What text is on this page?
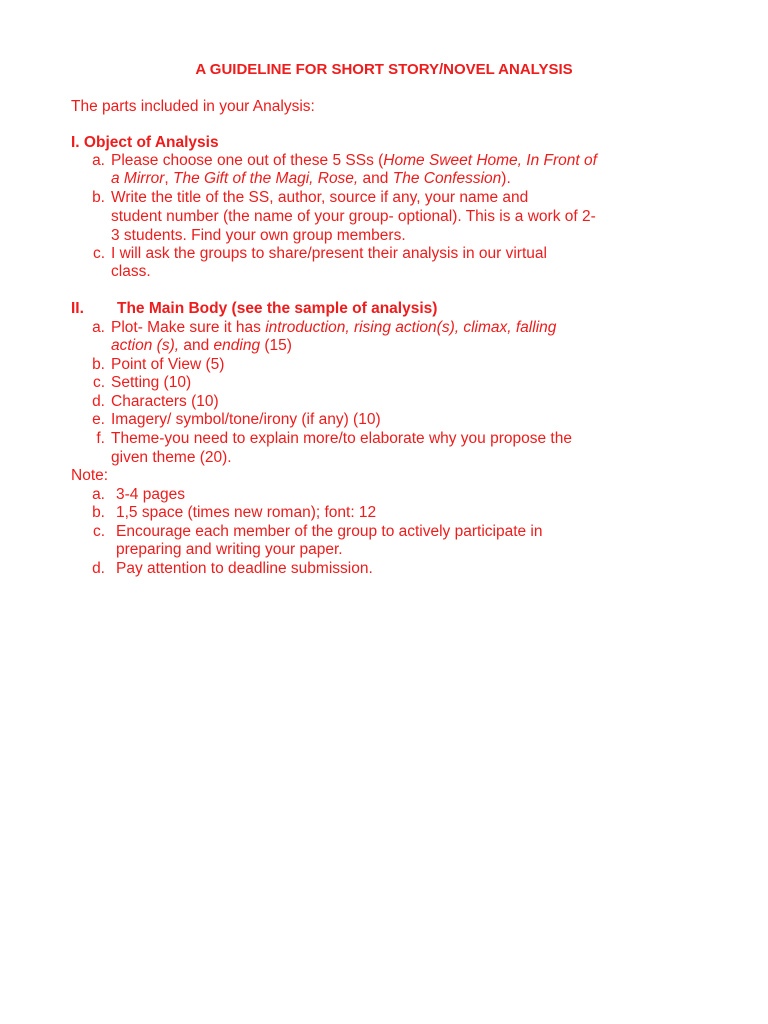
A GUIDELINE FOR SHORT STORY/NOVEL ANALYSIS
The parts included in your Analysis:
I. Object of Analysis
a. Please choose one out of these 5 SSs (Home Sweet Home, In Front of
a Mirror, The Gift of the Magi, Rose, and The Confession).
b. Write the title of the SS, author, source if any, your name and
student number (the name of your group- optional). This is a work of 2-
3 students. Find your own group members.
c. I will ask the groups to share/present their analysis in our virtual
class.
II. The Main Body (see the sample of analysis)
a. Plot- Make sure it has introduction, rising action(s), climax, falling
action (s), and ending (15)
b. Point of View (5)
c. Setting (10)
d. Characters (10)
e. Imagery/ symbol/tone/irony (if any) (10)
f. Theme-you need to explain more/to elaborate why you propose the
given theme (20).
Note:
a. 3-4 pages
b. 1,5 space (times new roman); font: 12
c. Encourage each member of the group to actively participate in
preparing and writing your paper.
d. Pay attention to deadline submission.
